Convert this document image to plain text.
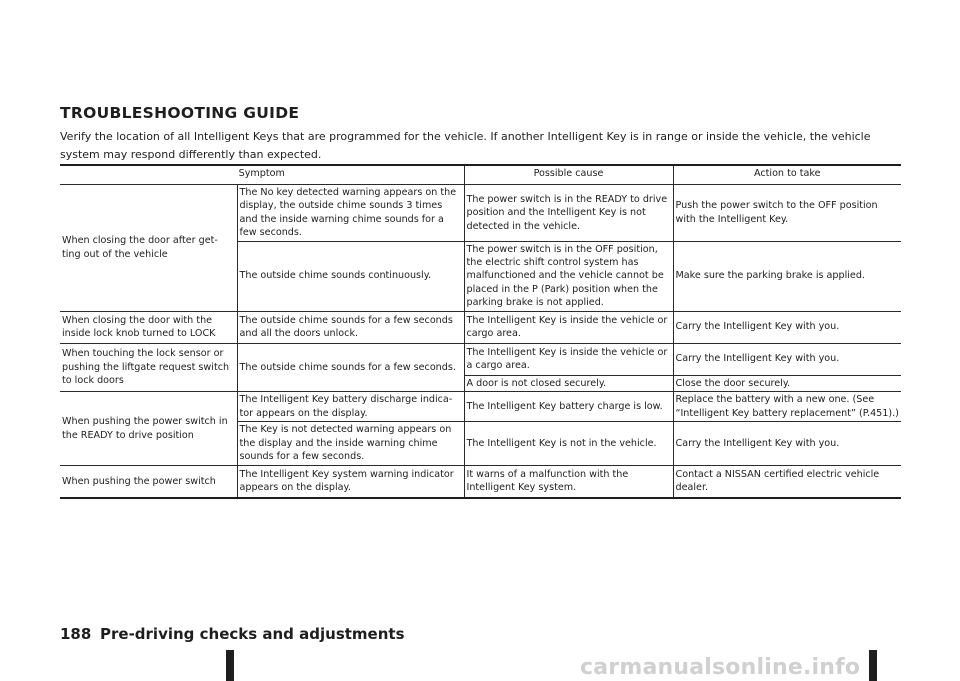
TROUBLESHOOTING GUIDE
Verify the location of all Intelligent Keys that are programmed for the vehicle. If another Intelligent Key is in range or inside the vehicle, the vehicle system may respond differently than expected.
Symptom		Possible cause	Action to take
When closing the door after get-ting out of the vehicle	The No key detected warning appears on the display, the outside chime sounds 3 times and the inside warning chime sounds for a few seconds.	The power switch is in the READY to drive position and the Intelligent Key is not detected in the vehicle.	Push the power switch to the OFF position with the Intelligent Key.
	The outside chime sounds continuously.	The power switch is in the OFF position, the electric shift control system has malfunctioned and the vehicle cannot be placed in the P (Park) position when the parking brake is not applied.	Make sure the parking brake is applied.
When closing the door with the inside lock knob turned to LOCK	The outside chime sounds for a few seconds and all the doors unlock.	The Intelligent Key is inside the vehicle or cargo area.	Carry the Intelligent Key with you.
When touching the lock sensor or pushing the liftgate request switch to lock doors	The outside chime sounds for a few seconds.	The Intelligent Key is inside the vehicle or a cargo area.	Carry the Intelligent Key with you.
		A door is not closed securely.	Close the door securely.
When pushing the power switch in the READY to drive position	The Intelligent Key battery discharge indica-tor appears on the display.	The Intelligent Key battery charge is low.	Replace the battery with a new one. (See “Intelligent Key battery replacement” (P.451).)
	The Key is not detected warning appears on the display and the inside warning chime sounds for a few seconds.	The Intelligent Key is not in the vehicle.	Carry the Intelligent Key with you.
When pushing the power switch	The Intelligent Key system warning indicator appears on the display.	It warns of a malfunction with the Intelligent Key system.	Contact a NISSAN certified electric vehicle dealer.
188 Pre-driving checks and adjustments
carmanualsonline.info
